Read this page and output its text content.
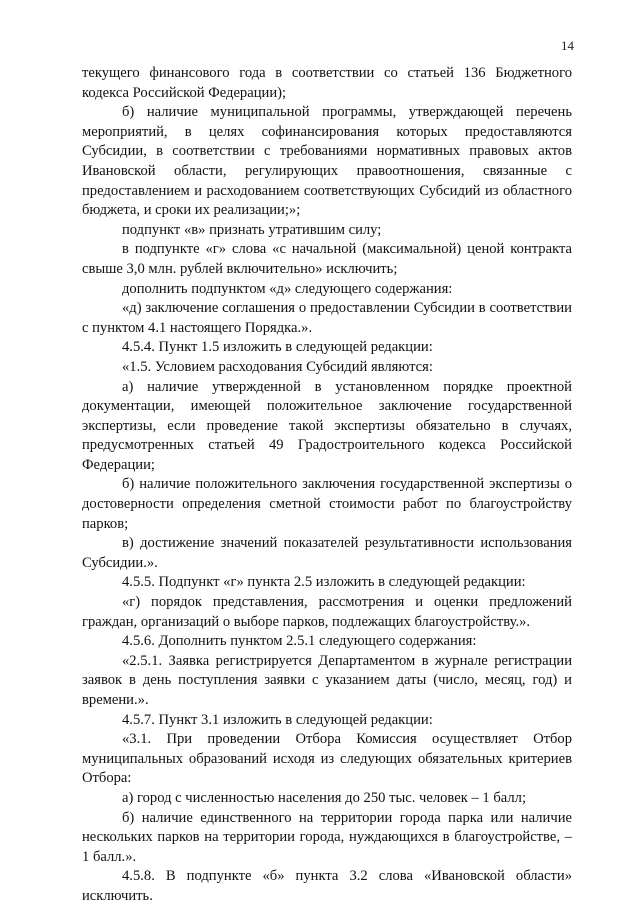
14

текущего финансового года в соответствии со статьей 136 Бюджетного кодекса Российской Федерации);

б) наличие муниципальной программы, утверждающей перечень мероприятий, в целях софинансирования которых предоставляются Субсидии, в соответствии с требованиями нормативных правовых актов Ивановской области, регулирующих правоотношения, связанные с предоставлением и расходованием соответствующих Субсидий из областного бюджета, и сроки их реализации;»;

подпункт «в» признать утратившим силу;

в подпункте «г» слова «с начальной (максимальной) ценой контракта свыше 3,0 млн. рублей включительно» исключить;

дополнить подпунктом «д» следующего содержания:

«д) заключение соглашения о предоставлении Субсидии в соответствии с пунктом 4.1 настоящего Порядка.».

4.5.4. Пункт 1.5 изложить в следующей редакции:

«1.5. Условием расходования Субсидий являются:

а) наличие утвержденной в установленном порядке проектной документации, имеющей положительное заключение государственной экспертизы, если проведение такой экспертизы обязательно в случаях, предусмотренных статьей 49 Градостроительного кодекса Российской Федерации;

б) наличие положительного заключения государственной экспертизы о достоверности определения сметной стоимости работ по благоустройству парков;

в) достижение значений показателей результативности использования Субсидии.».

4.5.5. Подпункт «г» пункта 2.5 изложить в следующей редакции:

«г) порядок представления, рассмотрения и оценки предложений граждан, организаций о выборе парков, подлежащих благоустройству.».

4.5.6. Дополнить пунктом 2.5.1 следующего содержания:

«2.5.1. Заявка регистрируется Департаментом в журнале регистрации заявок в день поступления заявки с указанием даты (число, месяц, год) и времени.».

4.5.7. Пункт 3.1 изложить в следующей редакции:

«3.1. При проведении Отбора Комиссия осуществляет Отбор муниципальных образований исходя из следующих обязательных критериев Отбора:

а) город с численностью населения до 250 тыс. человек – 1 балл;

б) наличие единственного на территории города парка или наличие нескольких парков на территории города, нуждающихся в благоустройстве, – 1 балл.».

4.5.8. В подпункте «б» пункта 3.2 слова «Ивановской области» исключить.
